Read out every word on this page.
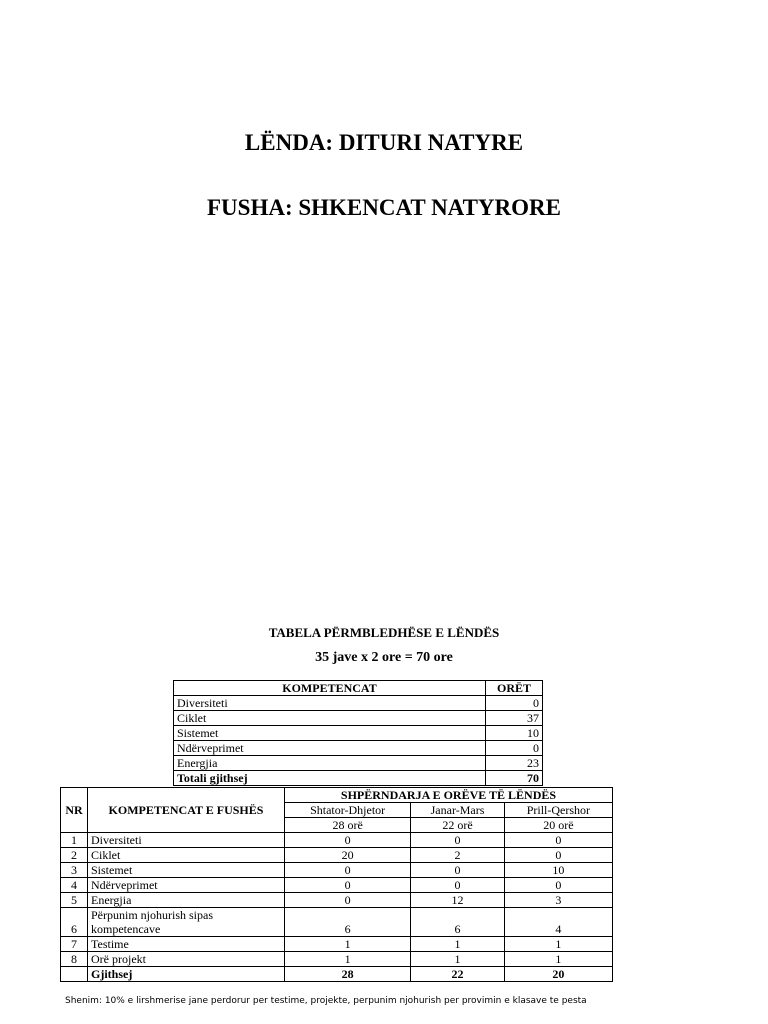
LËNDA: DITURI NATYRE
FUSHA: SHKENCAT NATYRORE

TABELA PËRMBLEDHËSE E LËNDËS

35 jave x 2 ore = 70 ore

KOMPETENCAT	ORËT
Diversiteti	0
Ciklet	37
Sistemet	10
Ndërveprimet	0
Energjia	23
Totali gjithsej	70
NR	KOMPETENCAT E FUSHËS	SHPËRNDARJA E ORËVE TË LËNDËS		
		Shtator-Dhjetor	Janar-Mars	Prill-Qershor
		28 orë	22 orë	20 orë
1	Diversiteti	0	0	0
2	Ciklet	20	2	0
3	Sistemet	0	0	10
4	Ndërveprimet	0	0	0
5	Energjia	0	12	3
6	Përpunim njohurish sipas kompetencave	6	6	4
7	Testime	1	1	1
8	Orë projekt	1	1	1
	Gjithsej	28	22	20

Shenim: 10% e lirshmerise jane perdorur per testime, projekte, perpunim njohurish per provimin e klasave te pesta
